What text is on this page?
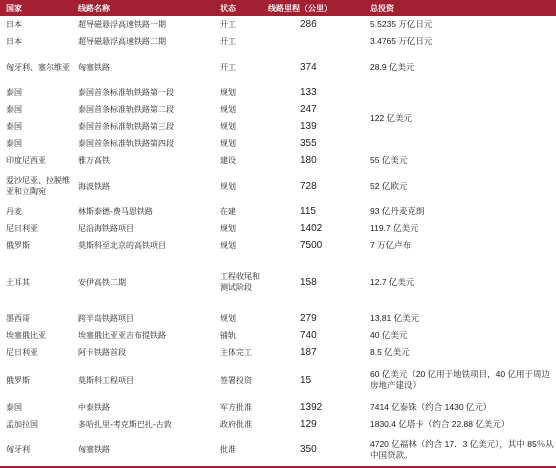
国家	线路名称	状态	线路里程（公里）	总投资
日本	超导磁悬浮高速铁路一期	开工	286	5.5235 万亿日元
日本	超导磁悬浮高速铁路二期	开工		3.4765 万亿日元
匈牙利、塞尔维亚	匈塞铁路	开工	374	28.9 亿美元
泰国	泰国首条标准轨铁路第一段	规划	133	122 亿美元
泰国	泰国首条标准轨铁路第二段	规划	247	
泰国	泰国首条标准轨铁路第三段	规划	139	
泰国	泰国首条标准轨铁路第四段	规划	355	
印度尼西亚	雅万高铁	建设	180	55 亿美元
爱沙尼亚、拉脱维亚和立陶宛	海波铁路	规划	728	52 亿欧元
丹麦	林斯泰德-费马恩铁路	在建	115	93 亿丹麦克朗
尼日利亚	尼沿海铁路项目	规划	1402	119.7 亿美元
俄罗斯	莫斯科至北京的高铁项目	规划	7500	7 万亿卢布
土耳其	安伊高铁二期	工程收尾和测试阶段	158	12.7 亿美元
墨西哥	跨半岛铁路项目	规划	279	13.81 亿美元
埃塞俄比亚	埃塞俄比亚亚吉布提铁路	铺轨	740	40 亿美元
尼日利亚	阿卡铁路首段	主体完工	187	8.5 亿美元
俄罗斯	莫斯科工程项目	签署投资	15	60 亿美元（20 亿用于地铁项目，40 亿用于周边房地产建设）
泰国	中泰铁路	军方批准	1392	7414 亿泰铢（约合 1430 亿元）
孟加拉国	多哈扎里-考克斯巴扎-古敦	政府批准	129	1830.4 亿塔卡（约合 22.88 亿美元）
匈牙利	匈塞铁路	批准	350	4720 亿福林（约合 17．3 亿美元），其中 85％从中国贷款。
